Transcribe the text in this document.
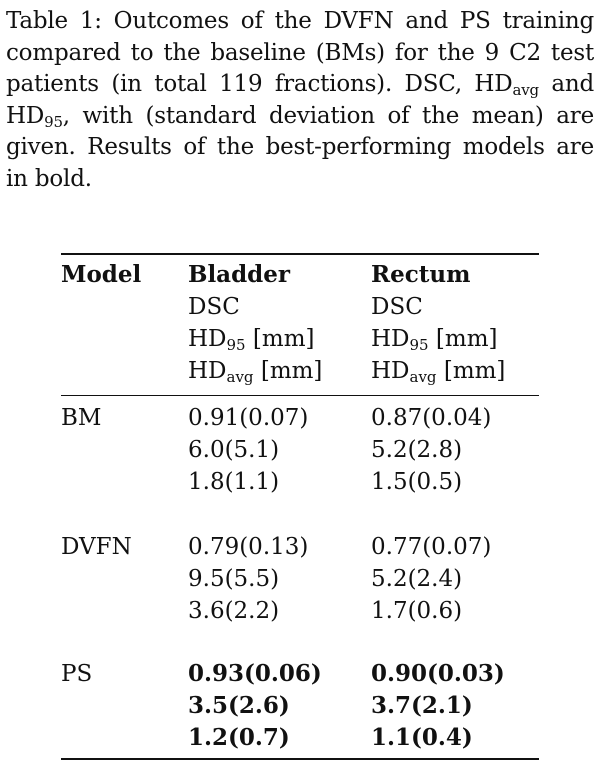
Table 1: Outcomes of the DVFN and PS training compared to the baseline (BMs) for the 9 C2 test patients (in total 119 fractions). DSC, $HD_{avg}$ and $HD_{95}$, with (standard deviation of the mean) are given. Results of the best-performing models are in bold.
Model Bladder
DSC
$HD_{95}$ [mm]
$HD_{avg}$ [mm]
Rectum
DSC
$HD_{95}$ [mm]
$HD_{avg}$ [mm]
BM	0.91(0.07)
6.0(5.1)
1.8(1.1)
0.87(0.04)
5.2(2.8)
1.5(0.5)
DVFN 0.79(0.13)
9.5(5.5)
3.6(2.2)
0.77(0.07)
5.2(2.4)
1.7(0.6)
PS	0.93(0.06)
3.5(2.6)
1.2(0.7)
0.90(0.03)
3.7(2.1)
1.1(0.4)
